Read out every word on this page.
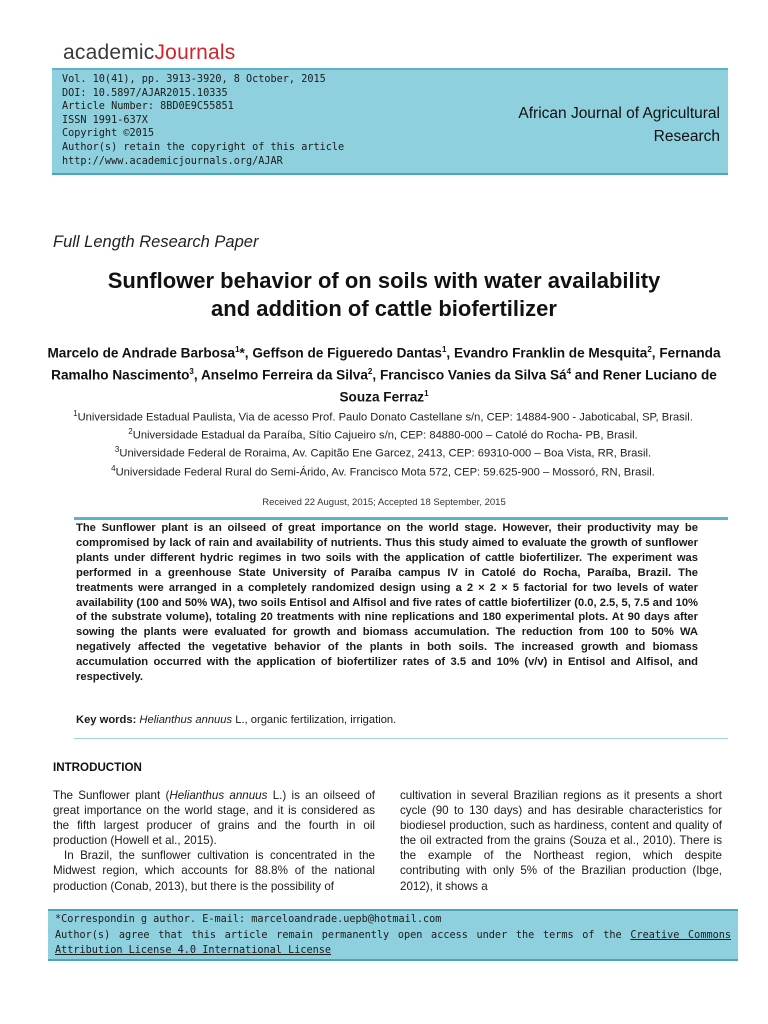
academicJournals
Vol. 10(41), pp. 3913-3920, 8 October, 2015
DOI: 10.5897/AJAR2015.10335
Article Number: 8BD0E9C55851
ISSN 1991-637X
Copyright ©2015
Author(s) retain the copyright of this article
http://www.academicjournals.org/AJAR
African Journal of Agricultural
Research
Full Length Research Paper
Sunflower behavior of on soils with water availability
and addition of cattle biofertilizer
Marcelo de Andrade Barbosa$^1$*, Geffson de Figueredo Dantas$^1$, Evandro Franklin de Mesquita$^2$, Fernanda Ramalho Nascimento$^3$, Anselmo Ferreira da Silva$^2$, Francisco Vanies da Silva $Sá^4$ and Rener Luciano de Souza Ferraz$^1$
$^1$Universidade Estadual Paulista, Via de acesso Prof. Paulo Donato Castellane s/n, CEP: 14884-900 - Jaboticabal, SP, Brasil.
$^2$Universidade Estadual da Paraíba, Sítio Cajueiro s/n, CEP: 84880-000 – Catolé do Rocha- PB, Brasil.
$^3$Universidade Federal de Roraima, Av. Capitão Ene Garcez, 2413, CEP: 69310-000 – Boa Vista, RR, Brasil.
$^4$Universidade Federal Rural do Semi-Árido, Av. Francisco Mota 572, CEP: 59.625-900 – Mossoró, RN, Brasil.
Received 22 August, 2015; Accepted 18 September, 2015
The Sunflower plant is an oilseed of great importance on the world stage. However, their productivity may be compromised by lack of rain and availability of nutrients. Thus this study aimed to evaluate the growth of sunflower plants under different hydric regimes in two soils with the application of cattle biofertilizer. The experiment was performed in a greenhouse State University of Paraíba campus IV in Catolé do Rocha, Paraíba, Brazil. The treatments were arranged in a completely randomized design using a 2 × 2 × 5 factorial for two levels of water availability (100 and 50% WA), two soils Entisol and Alfisol and five rates of cattle biofertilizer (0.0, 2.5, 5, 7.5 and 10% of the substrate volume), totaling 20 treatments with nine replications and 180 experimental plots. At 90 days after sowing the plants were evaluated for growth and biomass accumulation. The reduction from 100 to 50% WA negatively affected the vegetative behavior of the plants in both soils. The increased growth and biomass accumulation occurred with the application of biofertilizer rates of 3.5 and 10% (v/v) in Entisol and Alfisol, and respectively.
Key words: Helianthus annuus L., organic fertilization, irrigation.
INTRODUCTION

The Sunflower plant (Helianthus annuus L.) is an oilseed of great importance on the world stage, and it is considered as the fifth largest producer of grains and the fourth in oil production (Howell et al., 2015).

In Brazil, the sunflower cultivation is concentrated in the Midwest region, which accounts for 88.8% of the national production (Conab, 2013), but there is the possibility of

cultivation in several Brazilian regions as it presents a short cycle (90 to 130 days) and has desirable characteristics for biodiesel production, such as hardiness, content and quality of the oil extracted from the grains (Souza et al., 2010). There is the example of the Northeast region, which despite contributing with only 5% of the Brazilian production (Ibge, 2012), it shows a

*Correspondin g author. E-mail: marceloandrade.uepb@hotmail.com
Author(s) agree that this article remain permanently open access under the terms of the Creative Commons Attribution License 4.0 International License
